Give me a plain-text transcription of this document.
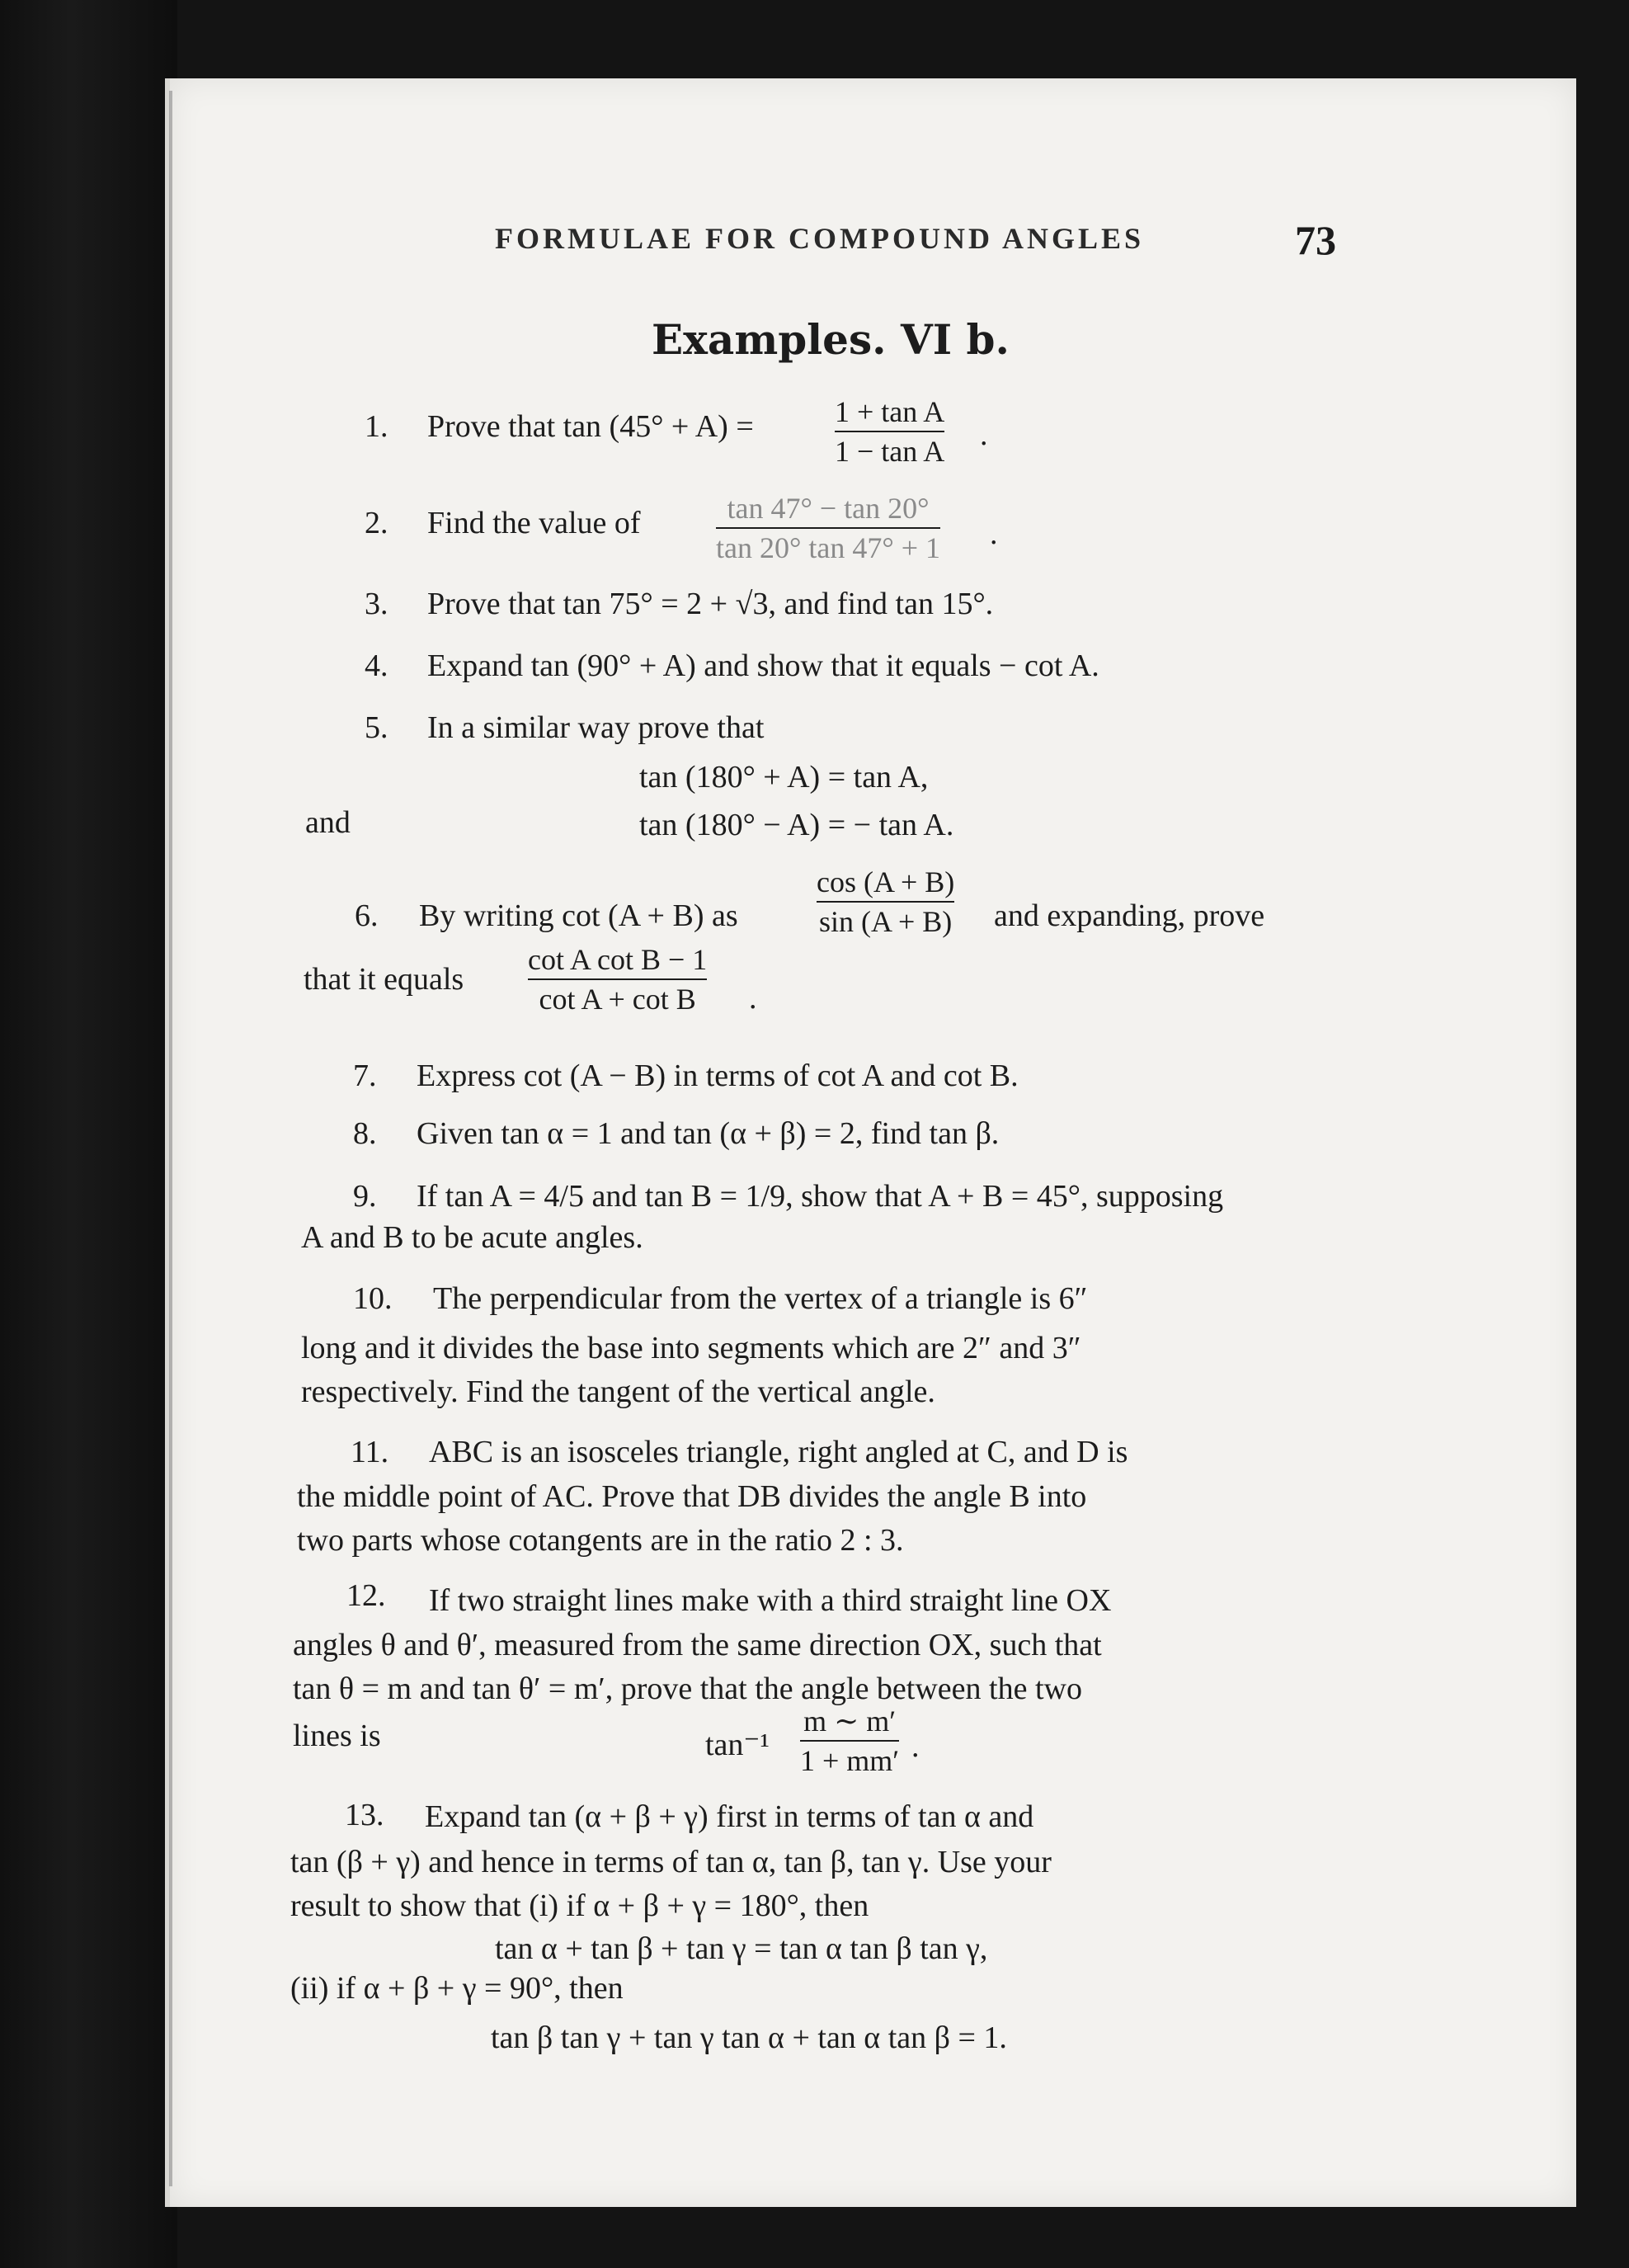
FORMULAE FOR COMPOUND ANGLES	73
Examples. VI b.
1. Prove that tan (45° + A) =	1 + tan A
1 − tan A .
2. Find the value of	tan 47° − tan 20°
tan 20° tan 47° + 1 .
3. Prove that tan 75° = 2 + √3, and find tan 15°.
4. Expand tan (90° + A) and show that it equals − cot A.
5. In a similar way prove that
tan (180° + A) = tan A,
and	tan (180° − A) = − tan A.
6. By writing cot (A + B) as
cos (A + B)
sin (A + B) and expanding, prove
that it equals
cot A cot B − 1
cot A + cot B .
7. Express cot (A − B) in terms of cot A and cot B.
8. Given tan α = 1 and tan (α + β) = 2, find tan β.
9. If tan A = 4/5 and tan B = 1/9, show that A + B = 45°, supposing
A and B to be acute angles.
10. The perpendicular from the vertex of a triangle is 6″
long and it divides the base into segments which are 2″ and 3″
respectively. Find the tangent of the vertical angle.
11. ABC is an isosceles triangle, right angled at C, and D is
the middle point of AC. Prove that DB divides the angle B into
two parts whose cotangents are in the ratio 2 : 3.
12. If two straight lines make with a third straight line OX
angles θ and θ′, measured from the same direction OX, such that
tan θ = m and tan θ′ = m′, prove that the angle between the two
lines is	tan⁻¹
m ∼ m′
1 + mm′ .
13. Expand tan (α + β + γ) first in terms of tan α and
tan (β + γ) and hence in terms of tan α, tan β, tan γ. Use your
result to show that (i) if α + β + γ = 180°, then
tan α + tan β + tan γ = tan α tan β tan γ,
(ii) if α + β + γ = 90°, then
tan β tan γ + tan γ tan α + tan α tan β = 1.
